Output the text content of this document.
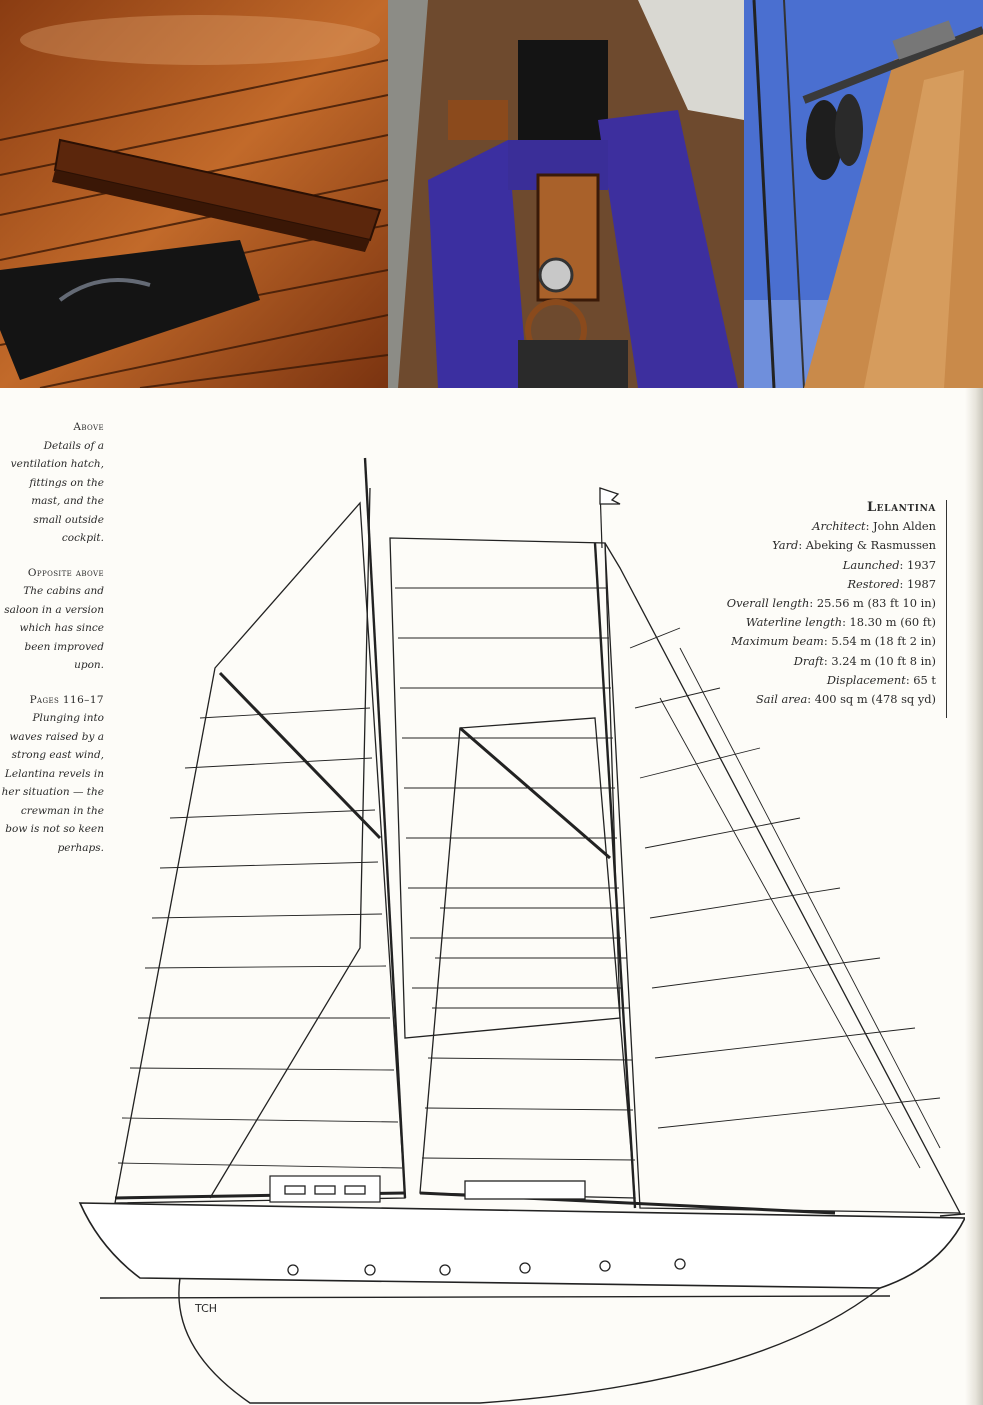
Above
Details of a ventilation hatch, fittings on the mast, and the small outside cockpit.
Opposite above
The cabins and saloon in a version which has since been improved upon.
Pages 116–17
Plunging into waves raised by a strong east wind, Lelantina revels in her situation — the crewman in the bow is not so keen perhaps.
TCH
Lelantina
Architect: John Alden
Yard: Abeking & Rasmussen
Launched: 1937
Restored: 1987
Overall length: 25.56 m (83 ft 10 in)
Waterline length: 18.30 m (60 ft)
Maximum beam: 5.54 m (18 ft 2 in)
Draft: 3.24 m (10 ft 8 in)
Displacement: 65 t
Sail area: 400 sq m (478 sq yd)
